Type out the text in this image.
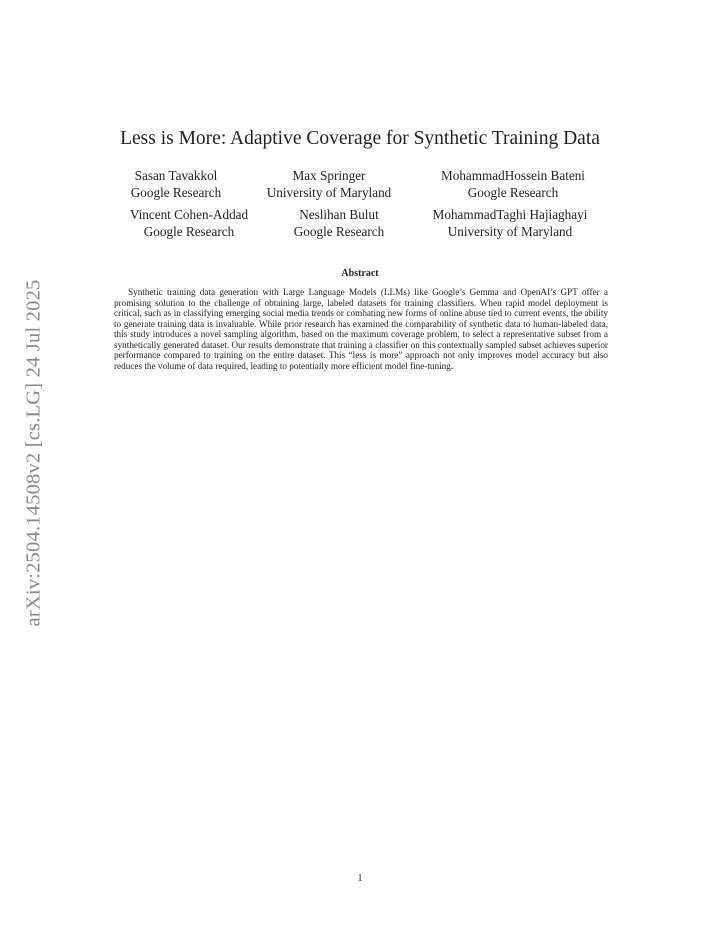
arXiv:2504.14508v2 [cs.LG] 24 Jul 2025
Less is More: Adaptive Coverage for Synthetic Training Data
Sasan Tavakkol
Google Research
Max Springer
University of Maryland
MohammadHossein Bateni
Google Research
Vincent Cohen-Addad
Google Research
Neslihan Bulut
Google Research
MohammadTaghi Hajiaghayi
University of Maryland
Abstract
Synthetic training data generation with Large Language Models (LLMs) like Google’s Gemma and OpenAI’s GPT offer a promising solution to the challenge of obtaining large, labeled datasets for training classifiers. When rapid model deployment is critical, such as in classifying emerging social media trends or combating new forms of online abuse tied to current events, the ability to generate training data is invaluable. While prior research has examined the comparability of synthetic data to human-labeled data, this study introduces a novel sampling algorithm, based on the maximum coverage problem, to select a representative subset from a synthetically generated dataset. Our results demonstrate that training a classifier on this contextually sampled subset achieves superior performance compared to training on the entire dataset. This “less is more” approach not only improves model accuracy but also reduces the volume of data required, leading to potentially more efficient model fine-tuning.
1
